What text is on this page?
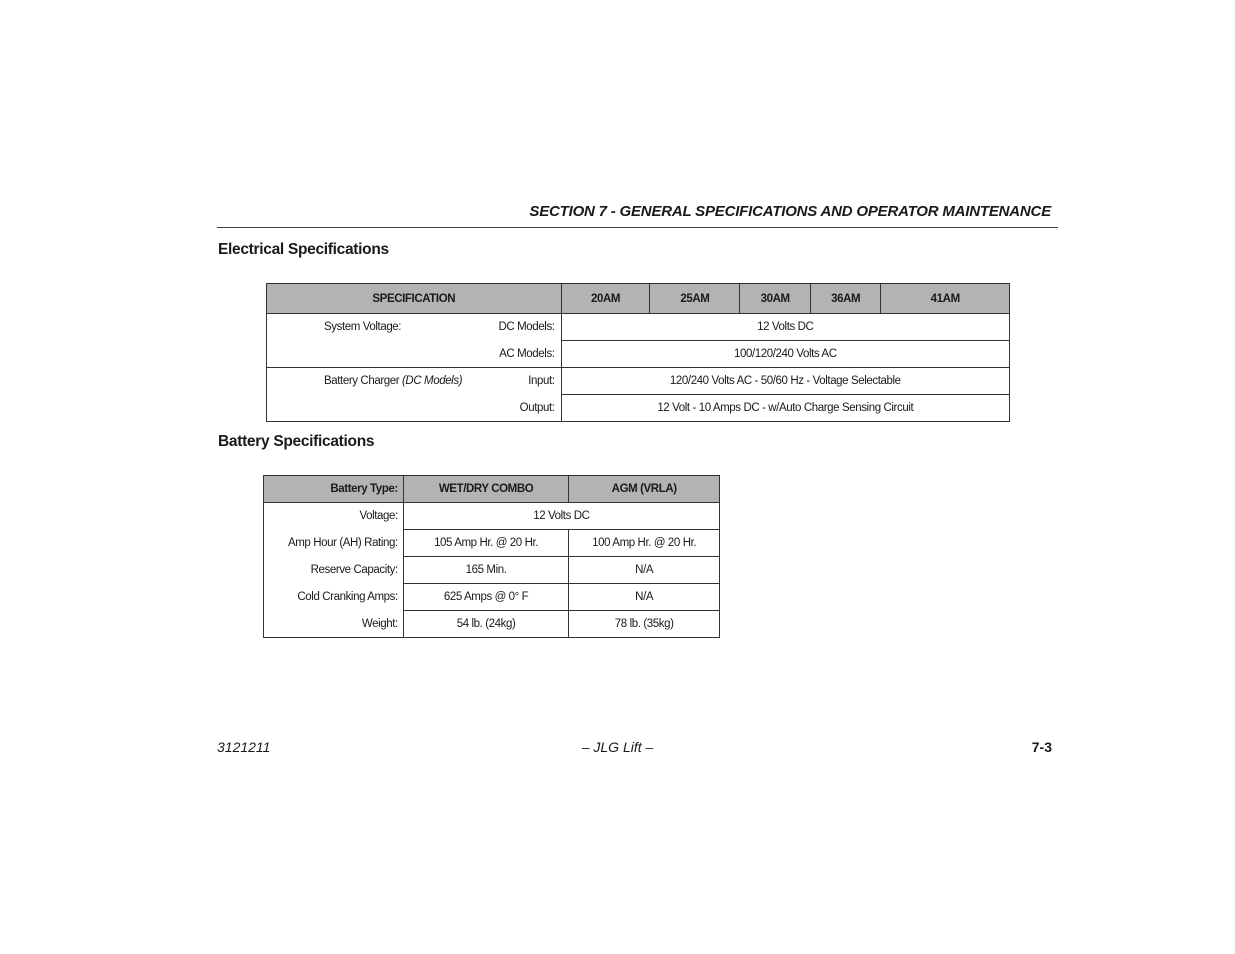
SECTION 7 - GENERAL SPECIFICATIONS AND OPERATOR MAINTENANCE
Electrical Specifications
SPECIFICATION		20AM	25AM	30AM	36AM	41AM
System Voltage:	DC Models:	12 Volts DC				
	AC Models:	100/120/240 Volts AC				
Battery Charger (DC Models)	Input:	120/240 Volts AC - 50/60 Hz - Voltage Selectable				
	Output:	12 Volt - 10 Amps DC - w/Auto Charge Sensing Circuit				
Battery Specifications
Battery Type:	WET/DRY COMBO	AGM (VRLA)
Voltage:	12 Volts DC	
Amp Hour (AH) Rating:	105 Amp Hr. @ 20 Hr.	100 Amp Hr. @ 20 Hr.
Reserve Capacity:	165 Min.	N/A
Cold Cranking Amps:	625 Amps @ 0° F	N/A
Weight:	54 lb. (24kg)	78 lb. (35kg)
3121211	– JLG Lift –	7-3
